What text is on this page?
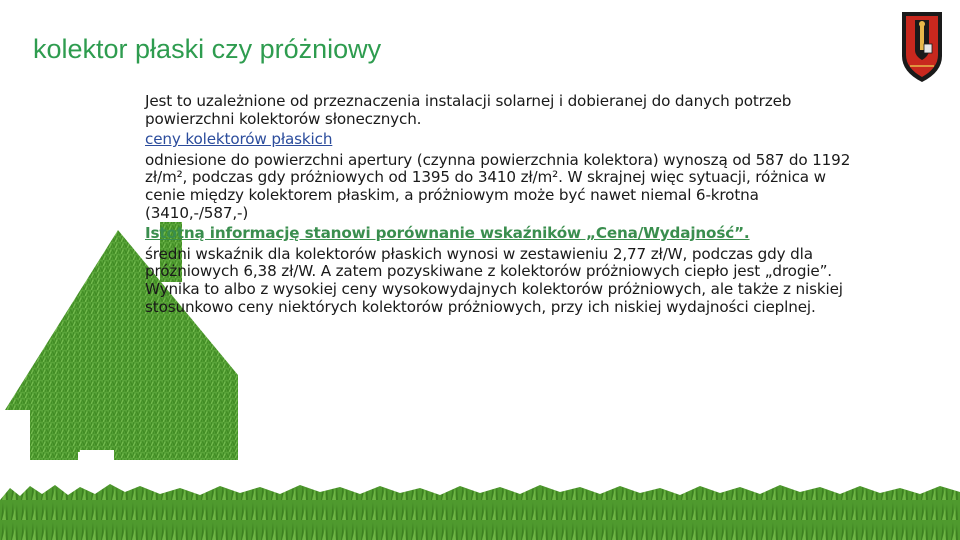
kolektor płaski czy próżniowy

Jest to uzależnione od przeznaczenia instalacji solarnej i dobieranej do danych potrzeb powierzchni kolektorów słonecznych.

ceny kolektorów płaskich

odniesione do powierzchni apertury (czynna powierzchnia kolektora) wynoszą od 587 do 1192 zł/m², podczas gdy próżniowych od 1395 do 3410 zł/m². W skrajnej więc sytuacji, różnica w cenie między kolektorem płaskim, a próżniowym może być nawet niemal 6-krotna (3410,-/587,-)

Istotną informację stanowi porównanie wskaźników „Cena/Wydajność”.

średni wskaźnik dla kolektorów płaskich wynosi w zestawieniu 2,77 zł/W, podczas gdy dla próżniowych 6,38 zł/W. A zatem pozyskiwane z kolektorów próżniowych ciepło jest „drogie”. Wynika to albo z wysokiej ceny wysokowydajnych kolektorów próżniowych, ale także z niskiej stosunkowo ceny niektórych kolektorów próżniowych, przy ich niskiej wydajności cieplnej.
